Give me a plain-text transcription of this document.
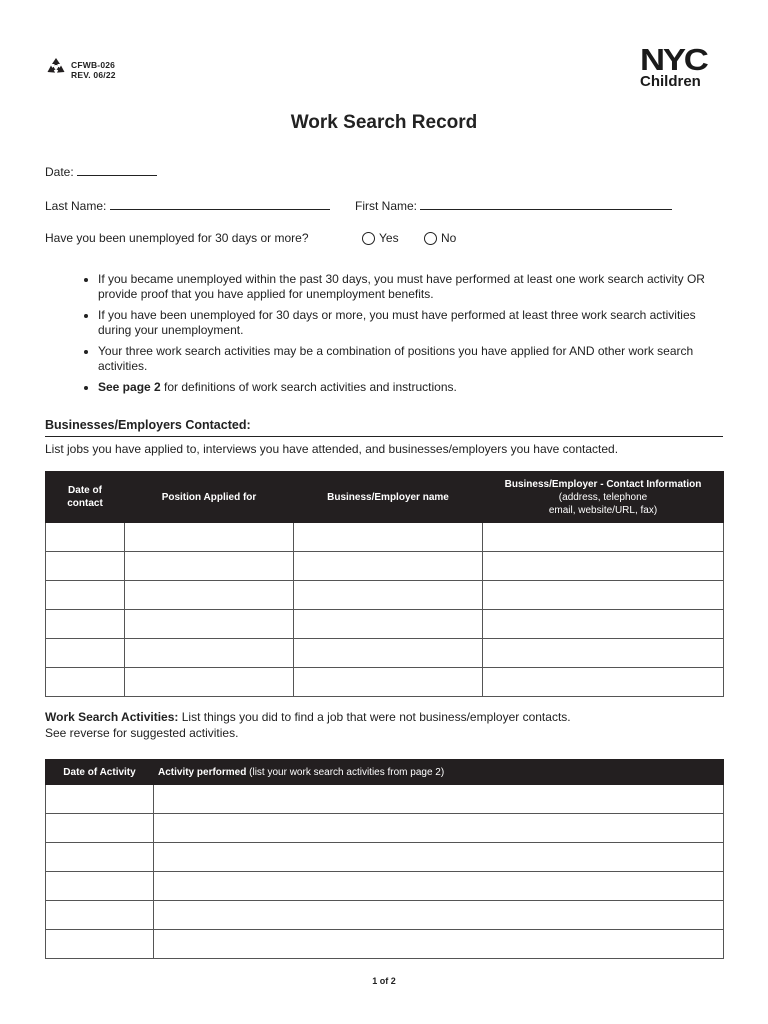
CFWB-026
REV. 06/22	NYC
Children
Work Search Record
Date:
Last Name:	First Name:
Have you been unemployed for 30 days or more?	Yes	No
• If you became unemployed within the past 30 days, you must have performed at least one work search activity OR provide proof that you have applied for unemployment benefits.
• If you have been unemployed for 30 days or more, you must have performed at least three work search activities during your unemployment.
• Your three work search activities may be a combination of positions you have applied for AND other work search activities.
• See page 2 for definitions of work search activities and instructions.
Businesses/Employers Contacted:
List jobs you have applied to, interviews you have attended, and businesses/employers you have contacted.
Date of contact	Position Applied for	Business/Employer name	Business/Employer - Contact Information
(address, telephone
email, website/URL, fax)

Work Search Activities: List things you did to find a job that were not business/employer contacts.
See reverse for suggested activities.
Date of Activity	Activity performed (list your work search activities from page 2)

1 of 2
